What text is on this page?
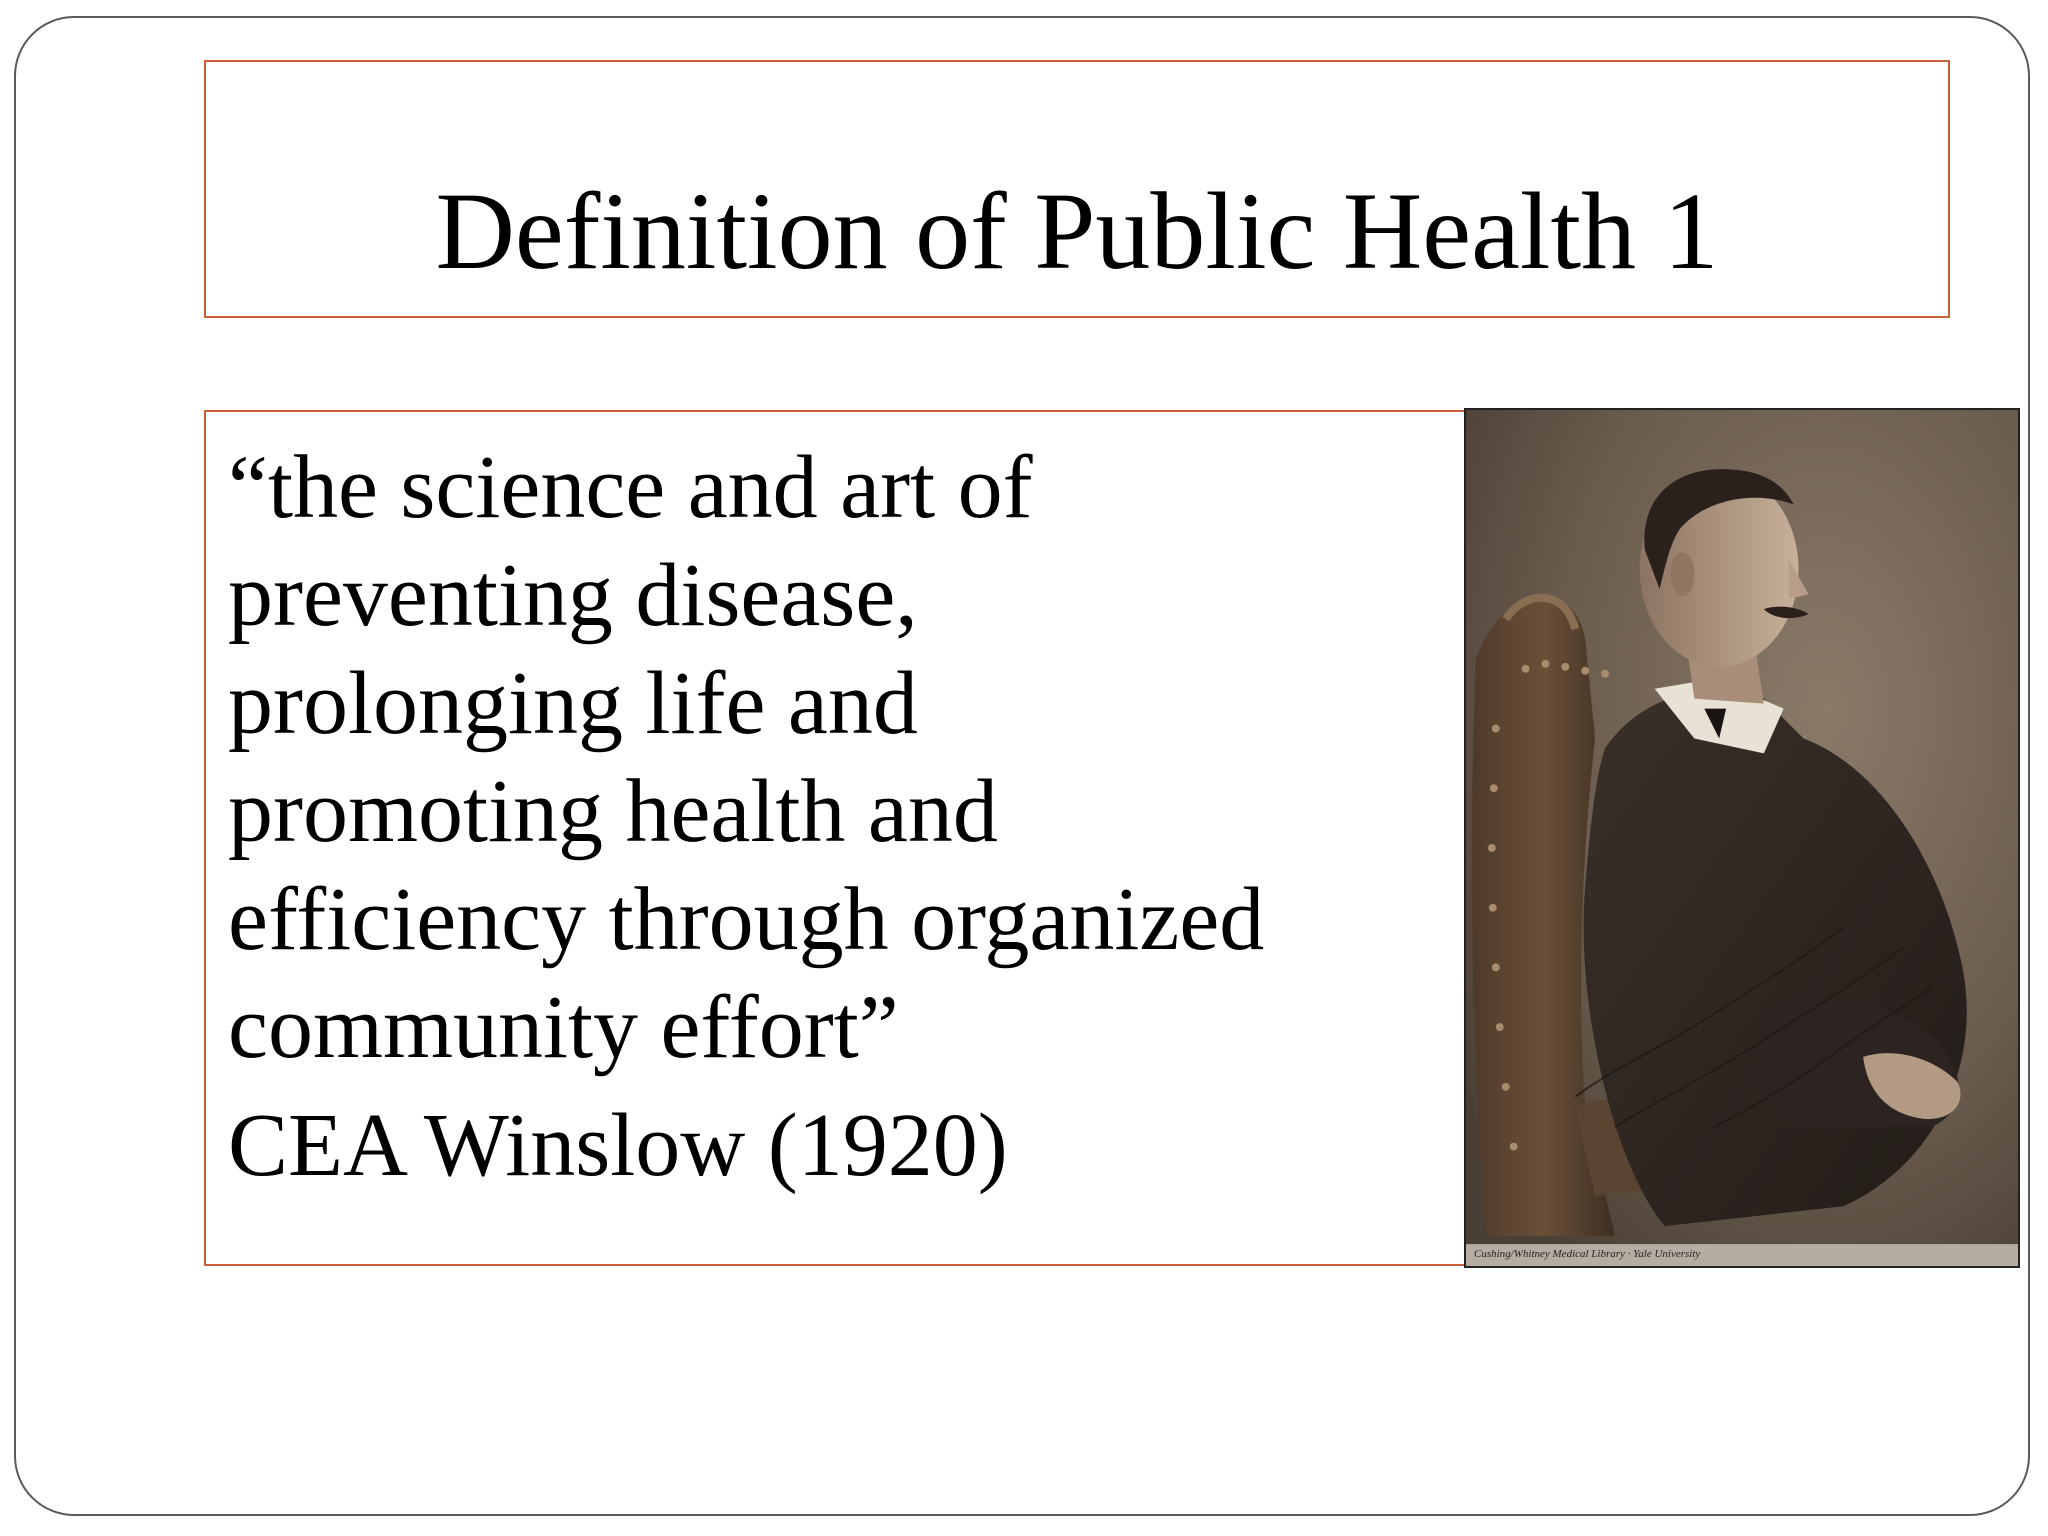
Definition of Public Health 1

“the science and art of
preventing disease,
prolonging life and
promoting health and
efficiency through organized
community effort”

CEA Winslow (1920)
Cushing/Whitney Medical Library · Yale University
